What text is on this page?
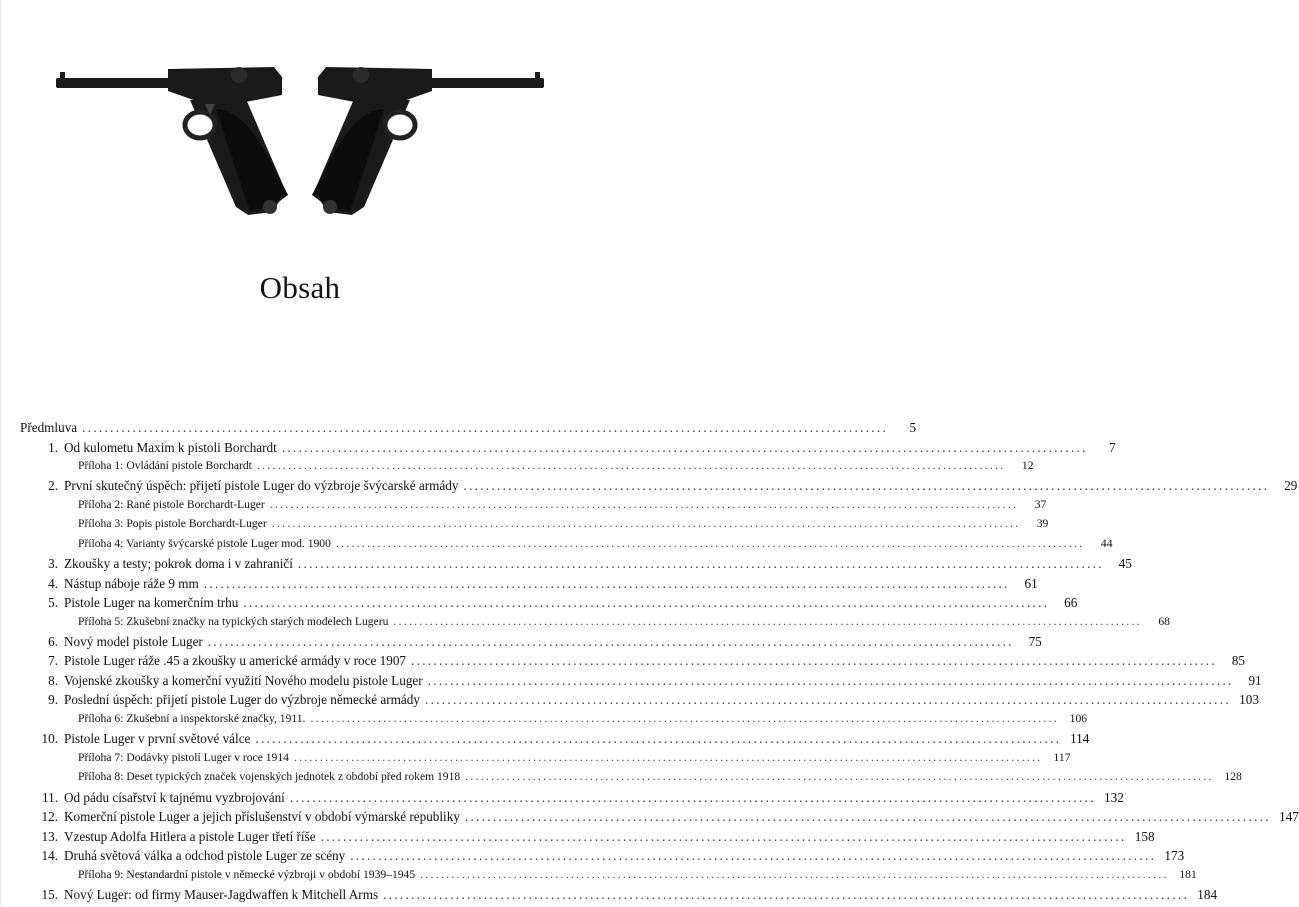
Obsah
Předmluva .....	5
1. Od kulometu Maxim k pistoli Borchardt .....	7
Příloha 1: Ovládání pistole Borchardt .....	12
2. První skutečný úspěch: přijetí pistole Luger do výzbroje švýcarské armády .....	29
Příloha 2: Rané pistole Borchardt-Luger .....	37
Příloha 3: Popis pistole Borchardt-Luger .....	39
Příloha 4: Varianty švýcarské pistole Luger mod. 1900 .....	44
3. Zkoušky a testy; pokrok doma i v zahraničí .....	45
4. Nástup náboje ráže 9 mm .....	61
5. Pistole Luger na komerčním trhu .....	66
Příloha 5: Zkušební značky na typických starých modelech Lugeru .....	68
6. Nový model pistole Luger .....	75
7. Pistole Luger ráže .45 a zkoušky u americké armády v roce 1907 .....	85
8. Vojenské zkoušky a komerční využití Nového modelu pistole Luger .....	91
9. Poslední úspěch: přijetí pistole Luger do výzbroje německé armády .....	103
Příloha 6: Zkušební a inspektorské značky, 1911. .....	106
10. Pistole Luger v první světové válce .....	114
Příloha 7: Dodávky pistolí Luger v roce 1914 .....	117
Příloha 8: Deset typických značek vojenských jednotek z období před rokem 1918 .....	128
11. Od pádu císařství k tajnému vyzbrojování .....	132
12. Komerční pistole Luger a jejich příslušenství v období výmarské republiky .....	147
13. Vzestup Adolfa Hitlera a pistole Luger třetí říše .....	158
14. Druhá světová válka a odchod pistole Luger ze scény .....	173
Příloha 9: Nestandardní pistole v německé výzbroji v období 1939–1945 .....	181
15. Nový Luger: od firmy Mauser-Jagdwaffen k Mitchell Arms .....	184
